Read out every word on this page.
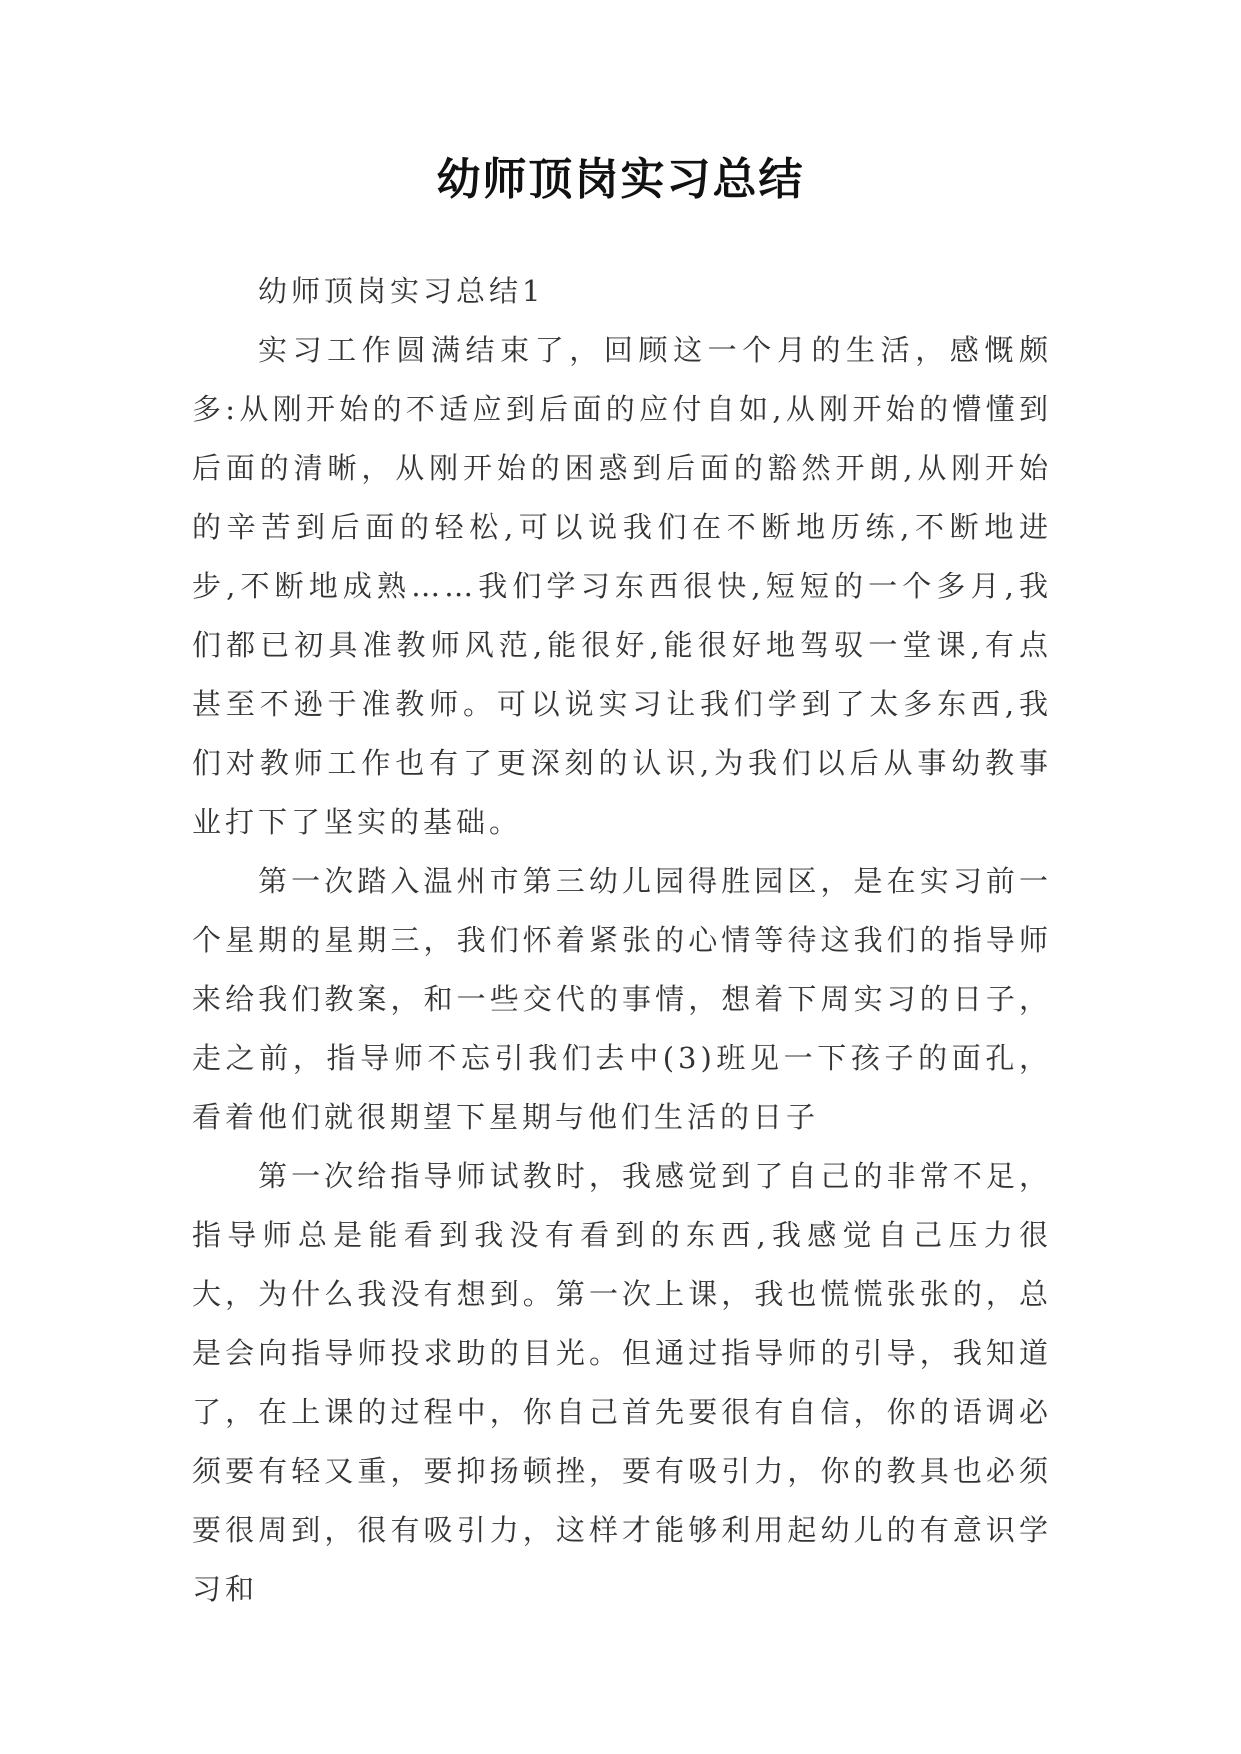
幼师顶岗实习总结

幼师顶岗实习总结1

实习工作圆满结束了，回顾这一个月的生活，感慨颇多:从刚开始的不适应到后面的应付自如,从刚开始的懵懂到后面的清晰，从刚开始的困惑到后面的豁然开朗,从刚开始的辛苦到后面的轻松,可以说我们在不断地历练,不断地进步,不断地成熟……我们学习东西很快,短短的一个多月,我们都已初具准教师风范,能很好,能很好地驾驭一堂课,有点甚至不逊于准教师。可以说实习让我们学到了太多东西,我们对教师工作也有了更深刻的认识,为我们以后从事幼教事业打下了坚实的基础。

第一次踏入温州市第三幼儿园得胜园区，是在实习前一个星期的星期三，我们怀着紧张的心情等待这我们的指导师来给我们教案，和一些交代的事情，想着下周实习的日子，走之前，指导师不忘引我们去中(3)班见一下孩子的面孔，看着他们就很期望下星期与他们生活的日子

第一次给指导师试教时，我感觉到了自己的非常不足，指导师总是能看到我没有看到的东西,我感觉自己压力很大，为什么我没有想到。第一次上课，我也慌慌张张的，总是会向指导师投求助的目光。但通过指导师的引导，我知道了，在上课的过程中，你自己首先要很有自信，你的语调必须要有轻又重，要抑扬顿挫，要有吸引力，你的教具也必须要很周到，很有吸引力，这样才能够利用起幼儿的有意识学习和
